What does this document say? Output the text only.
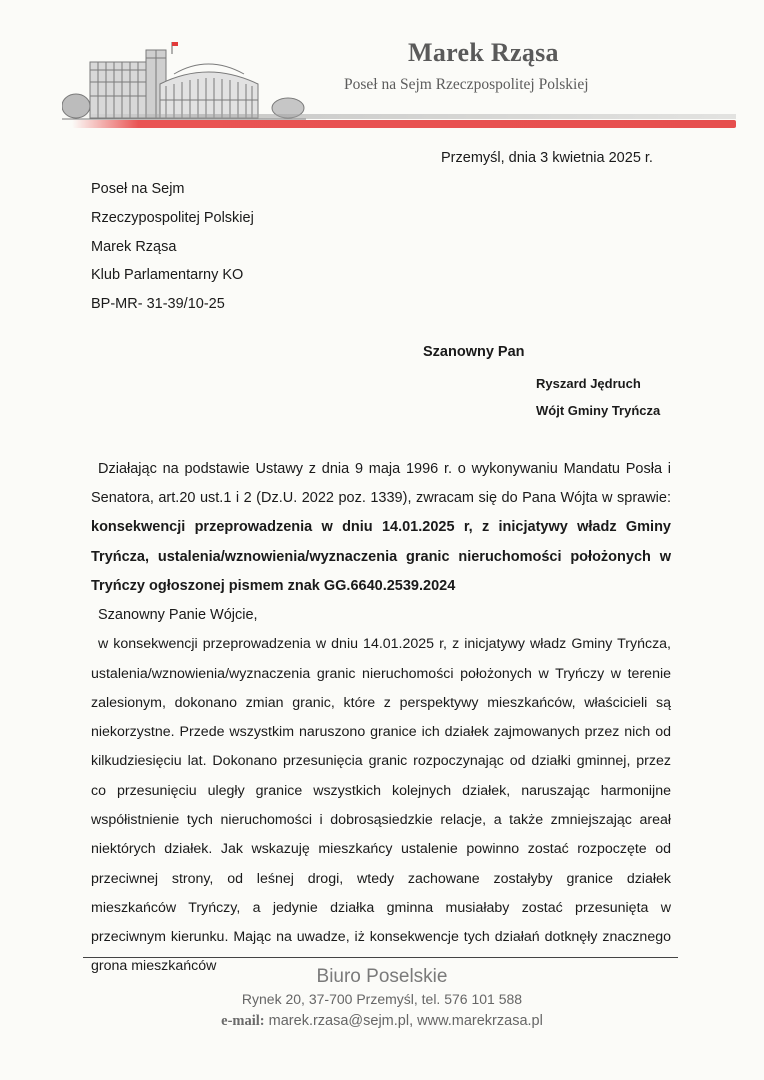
Marek Rząsa
Poseł na Sejm Rzeczpospolitej Polskiej
Przemyśl, dnia 3 kwietnia 2025 r.
Poseł na Sejm
Rzeczypospolitej Polskiej
Marek Rząsa
Klub Parlamentarny KO
BP-MR- 31-39/10-25
Szanowny Pan
Ryszard Jędruch
Wójt Gminy Tryńcza

Działając na podstawie Ustawy z dnia 9 maja 1996 r. o wykonywaniu Mandatu Posła i Senatora, art.20 ust.1 i 2 (Dz.U. 2022 poz. 1339), zwracam się do Pana Wójta w sprawie: konsekwencji przeprowadzenia w dniu 14.01.2025 r, z inicjatywy władz Gminy Tryńcza, ustalenia/wznowienia/wyznaczenia granic nieruchomości położonych w Tryńczy ogłoszonej pismem znak GG.6640.2539.2024

Szanowny Panie Wójcie,

w konsekwencji przeprowadzenia w dniu 14.01.2025 r, z inicjatywy władz Gminy Tryńcza, ustalenia/wznowienia/wyznaczenia granic nieruchomości położonych w Tryńczy w terenie zalesionym, dokonano zmian granic, które z perspektywy mieszkańców, właścicieli są niekorzystne. Przede wszystkim naruszono granice ich działek zajmowanych przez nich od kilkudziesięciu lat. Dokonano przesunięcia granic rozpoczynając od działki gminnej, przez co przesunięciu uległy granice wszystkich kolejnych działek, naruszając harmonijne współistnienie tych nieruchomości i dobrosąsiedzkie relacje, a także zmniejszając areał niektórych działek. Jak wskazuję mieszkańcy ustalenie powinno zostać rozpoczęte od przeciwnej strony, od leśnej drogi, wtedy zachowane zostałyby granice działek mieszkańców Tryńczy, a jedynie działka gminna musiałaby zostać przesunięta w przeciwnym kierunku. Mając na uwadze, iż konsekwencje tych działań dotknęły znacznego grona mieszkańców	Biuro Poselskie
Rynek 20, 37-700 Przemyśl, tel. 576 101 588
e-mail: marek.rzasa@sejm.pl, www.marekrzasa.pl
